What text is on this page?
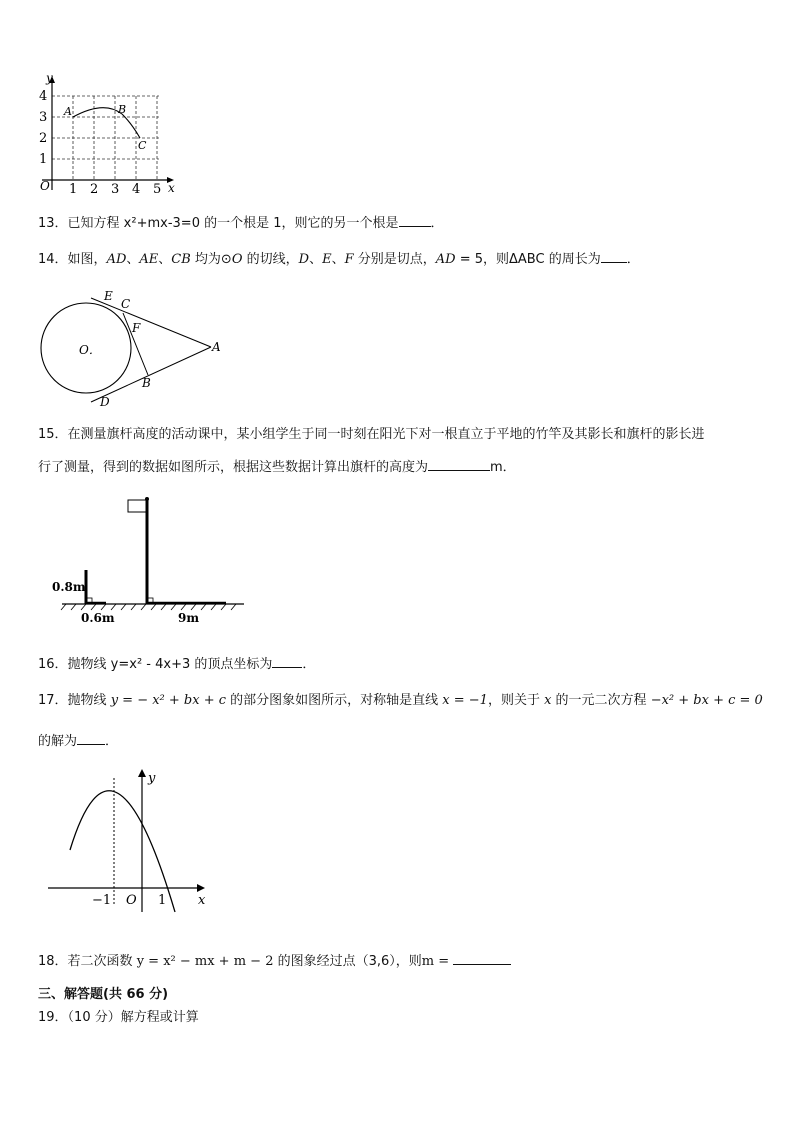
y
x
O
4
3
2
1
1 2 3 4 5
A	B
C
13．已知方程 x²+mx-3=0 的一个根是 1，则它的另一个根是 ．
14．如图，AD、AE、CB 均为⊙O 的切线，D、E、F 分别是切点，AD = 5，则ΔABC 的周长为 ．
E
C
F
O．	A
B
D
15．在测量旗杆高度的活动课中，某小组学生于同一时刻在阳光下对一根直立于平地的竹竿及其影长和旗杆的影长进
行了测量，得到的数据如图所示，根据这些数据计算出旗杆的高度为	m．
0.8m
0.6m	9m
16．抛物线 y=x² - 4x+3 的顶点坐标为 ．
17．抛物线 y = − x² + bx + c 的部分图象如图所示，对称轴是直线 x = −1，则关于 x 的一元二次方程 −x² + bx + c = 0
的解为 ．
y
x
O
−1	1
18．若二次函数 y = x² − mx + m − 2 的图象经过点（3,6），则m =
三、解答题(共 66 分)
19．（10 分）解方程或计算
